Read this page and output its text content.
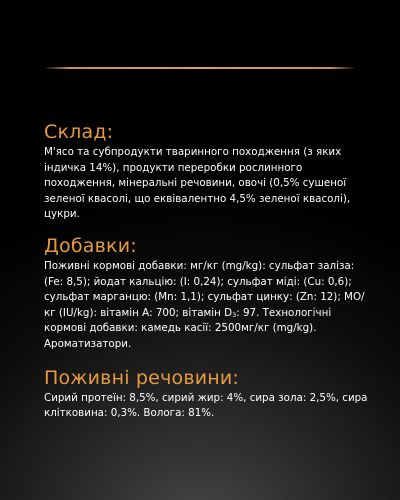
Склад:

М'ясо та субпродукти тваринного походження (з яких індичка 14%), продукти переробки рослинного походження, мінеральні речовини, овочі (0,5% сушеної зеленої квасолі, що еквівалентно 4,5% зеленої квасолі), цукри.

Добавки:

Поживні кормові добавки: мг/кг (mg/kg): сульфат заліза: (Fe: 8,5); йодат кальцію: (I: 0,24); сульфат міді: (Cu: 0,6); сульфат марганцю: (Mn: 1,1); сульфат цинку: (Zn: 12); МО/кг (IU/kg): вітамін А: 700; вітамін $D_3$: 97. Технологічні кормові добавки: камедь касії: 2500мг/кг (mg/kg). Ароматизатори.

Поживні речовини:

Сирий протеїн: 8,5%, сирий жир: 4%, сира зола: 2,5%, сира клітковина: 0,3%. Волога: 81%.
